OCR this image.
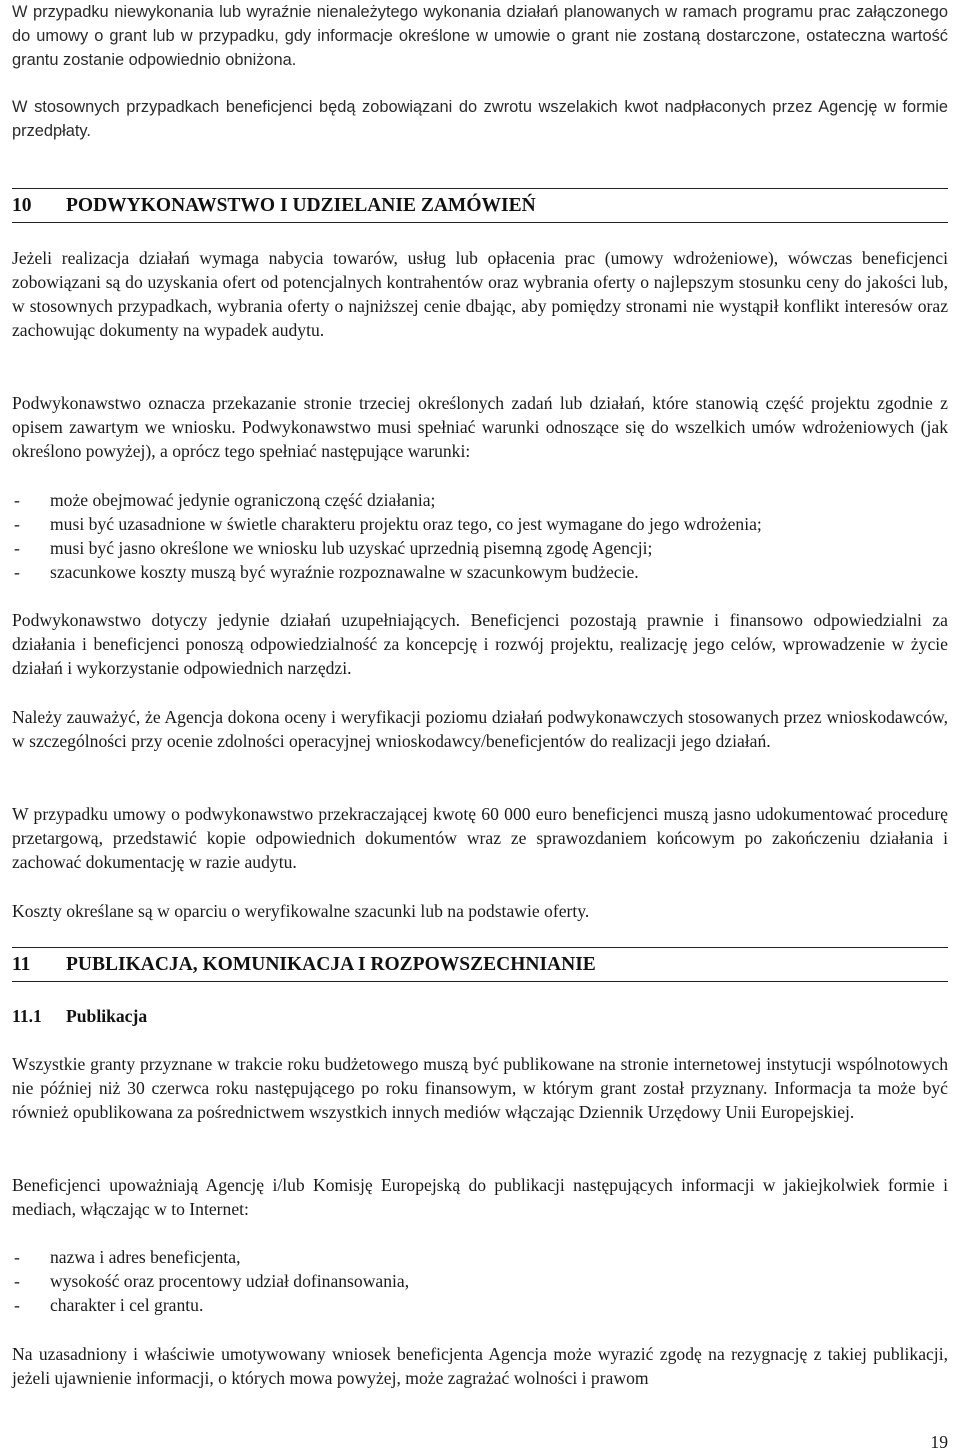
W przypadku niewykonania lub wyraźnie nienależytego wykonania działań planowanych w ramach programu prac załączonego do umowy o grant lub w przypadku, gdy informacje określone w umowie o grant nie zostaną dostarczone, ostateczna wartość grantu zostanie odpowiednio obniżona.

W stosownych przypadkach beneficjenci będą zobowiązani do zwrotu wszelakich kwot nadpłaconych przez Agencję w formie przedpłaty.

10	PODWYKONAWSTWO I UDZIELANIE ZAMÓWIEŃ

Jeżeli realizacja działań wymaga nabycia towarów, usług lub opłacenia prac (umowy wdrożeniowe), wówczas beneficjenci zobowiązani są do uzyskania ofert od potencjalnych kontrahentów oraz wybrania oferty o najlepszym stosunku ceny do jakości lub, w stosownych przypadkach, wybrania oferty o najniższej cenie dbając, aby pomiędzy stronami nie wystąpił konflikt interesów oraz zachowując dokumenty na wypadek audytu.

Podwykonawstwo oznacza przekazanie stronie trzeciej określonych zadań lub działań, które stanowią część projektu zgodnie z opisem zawartym we wniosku. Podwykonawstwo musi spełniać warunki odnoszące się do wszelkich umów wdrożeniowych (jak określono powyżej), a oprócz tego spełniać następujące warunki:

-	może obejmować jedynie ograniczoną część działania;
-	musi być uzasadnione w świetle charakteru projektu oraz tego, co jest wymagane do jego wdrożenia;
-	musi być jasno określone we wniosku lub uzyskać uprzednią pisemną zgodę Agencji;
-	szacunkowe koszty muszą być wyraźnie rozpoznawalne w szacunkowym budżecie.

Podwykonawstwo dotyczy jedynie działań uzupełniających. Beneficjenci pozostają prawnie i finansowo odpowiedzialni za działania i beneficjenci ponoszą odpowiedzialność za koncepcję i rozwój projektu, realizację jego celów, wprowadzenie w życie działań i wykorzystanie odpowiednich narzędzi.

Należy zauważyć, że Agencja dokona oceny i weryfikacji poziomu działań podwykonawczych stosowanych przez wnioskodawców, w szczególności przy ocenie zdolności operacyjnej wnioskodawcy/beneficjentów do realizacji jego działań.

W przypadku umowy o podwykonawstwo przekraczającej kwotę 60 000 euro beneficjenci muszą jasno udokumentować procedurę przetargową, przedstawić kopie odpowiednich dokumentów wraz ze sprawozdaniem końcowym po zakończeniu działania i zachować dokumentację w razie audytu.

Koszty określane są w oparciu o weryfikowalne szacunki lub na podstawie oferty.

11	PUBLIKACJA, KOMUNIKACJA I ROZPOWSZECHNIANIE
11.1	Publikacja

Wszystkie granty przyznane w trakcie roku budżetowego muszą być publikowane na stronie internetowej instytucji wspólnotowych nie później niż 30 czerwca roku następującego po roku finansowym, w którym grant został przyznany. Informacja ta może być również opublikowana za pośrednictwem wszystkich innych mediów włączając Dziennik Urzędowy Unii Europejskiej.

Beneficjenci upoważniają Agencję i/lub Komisję Europejską do publikacji następujących informacji w jakiejkolwiek formie i mediach, włączając w to Internet:

-	nazwa i adres beneficjenta,
-	wysokość oraz procentowy udział dofinansowania,
-	charakter i cel grantu.

Na uzasadniony i właściwie umotywowany wniosek beneficjenta Agencja może wyrazić zgodę na rezygnację z takiej publikacji, jeżeli ujawnienie informacji, o których mowa powyżej, może zagrażać wolności i prawom

19
